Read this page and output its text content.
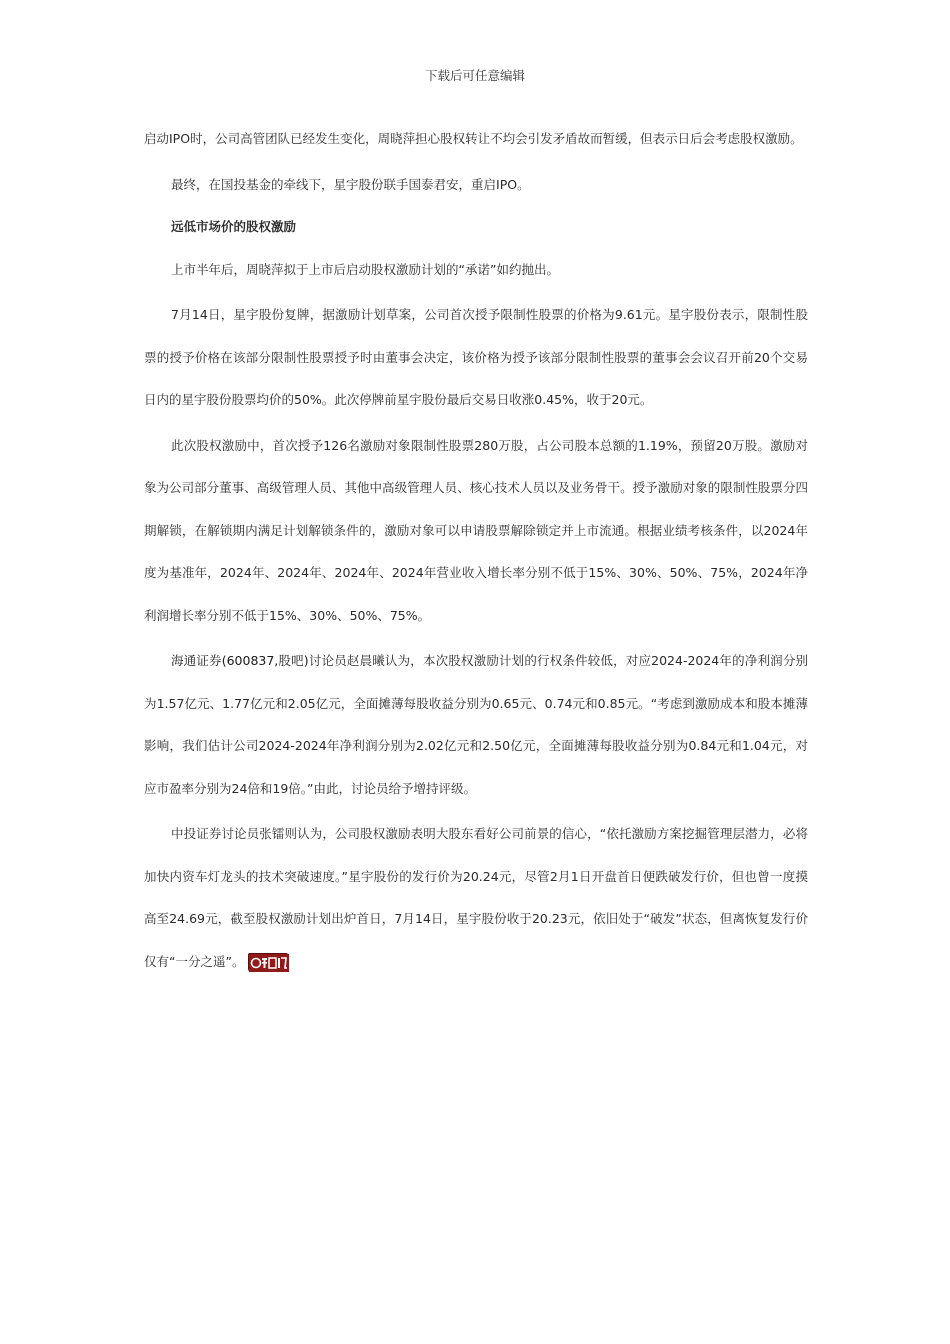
下载后可任意编辑

启动IPO时，公司高管团队已经发生变化，周晓萍担心股权转让不均会引发矛盾故而暂缓，但表示日后会考虑股权激励。

最终，在国投基金的牵线下，星宇股份联手国泰君安，重启IPO。

远低市场价的股权激励

上市半年后，周晓萍拟于上市后启动股权激励计划的“承诺”如约抛出。

7月14日，星宇股份复牌，据激励计划草案，公司首次授予限制性股票的价格为9.61元。星宇股份表示，限制性股票的授予价格在该部分限制性股票授予时由董事会决定，该价格为授予该部分限制性股票的董事会会议召开前20个交易日内的星宇股份股票均价的50%。此次停牌前星宇股份最后交易日收涨0.45%，收于20元。

此次股权激励中，首次授予126名激励对象限制性股票280万股，占公司股本总额的1.19%，预留20万股。激励对象为公司部分董事、高级管理人员、其他中高级管理人员、核心技术人员以及业务骨干。授予激励对象的限制性股票分四期解锁，在解锁期内满足计划解锁条件的，激励对象可以申请股票解除锁定并上市流通。根据业绩考核条件，以2024年度为基准年，2024年、2024年、2024年、2024年营业收入增长率分别不低于15%、30%、50%、75%，2024年净利润增长率分别不低于15%、30%、50%、75%。

海通证券(600837,股吧)讨论员赵晨曦认为，本次股权激励计划的行权条件较低，对应2024-2024年的净利润分别为1.57亿元、1.77亿元和2.05亿元，全面摊薄每股收益分别为0.65元、0.74元和0.85元。“考虑到激励成本和股本摊薄影响，我们估计公司2024-2024年净利润分别为2.02亿元和2.50亿元，全面摊薄每股收益分别为0.84元和1.04元，对应市盈率分别为24倍和19倍。”由此，讨论员给予增持评级。

中投证券讨论员张镭则认为，公司股权激励表明大股东看好公司前景的信心，“依托激励方案挖掘管理层潜力，必将加快内资车灯龙头的技术突破速度。”星宇股份的发行价为20.24元，尽管2月1日开盘首日便跌破发行价，但也曾一度摸高至24.69元，截至股权激励计划出炉首日，7月14日，星宇股份收于20.23元，依旧处于“破发”状态，但离恢复发行价仅有“一分之遥”。
